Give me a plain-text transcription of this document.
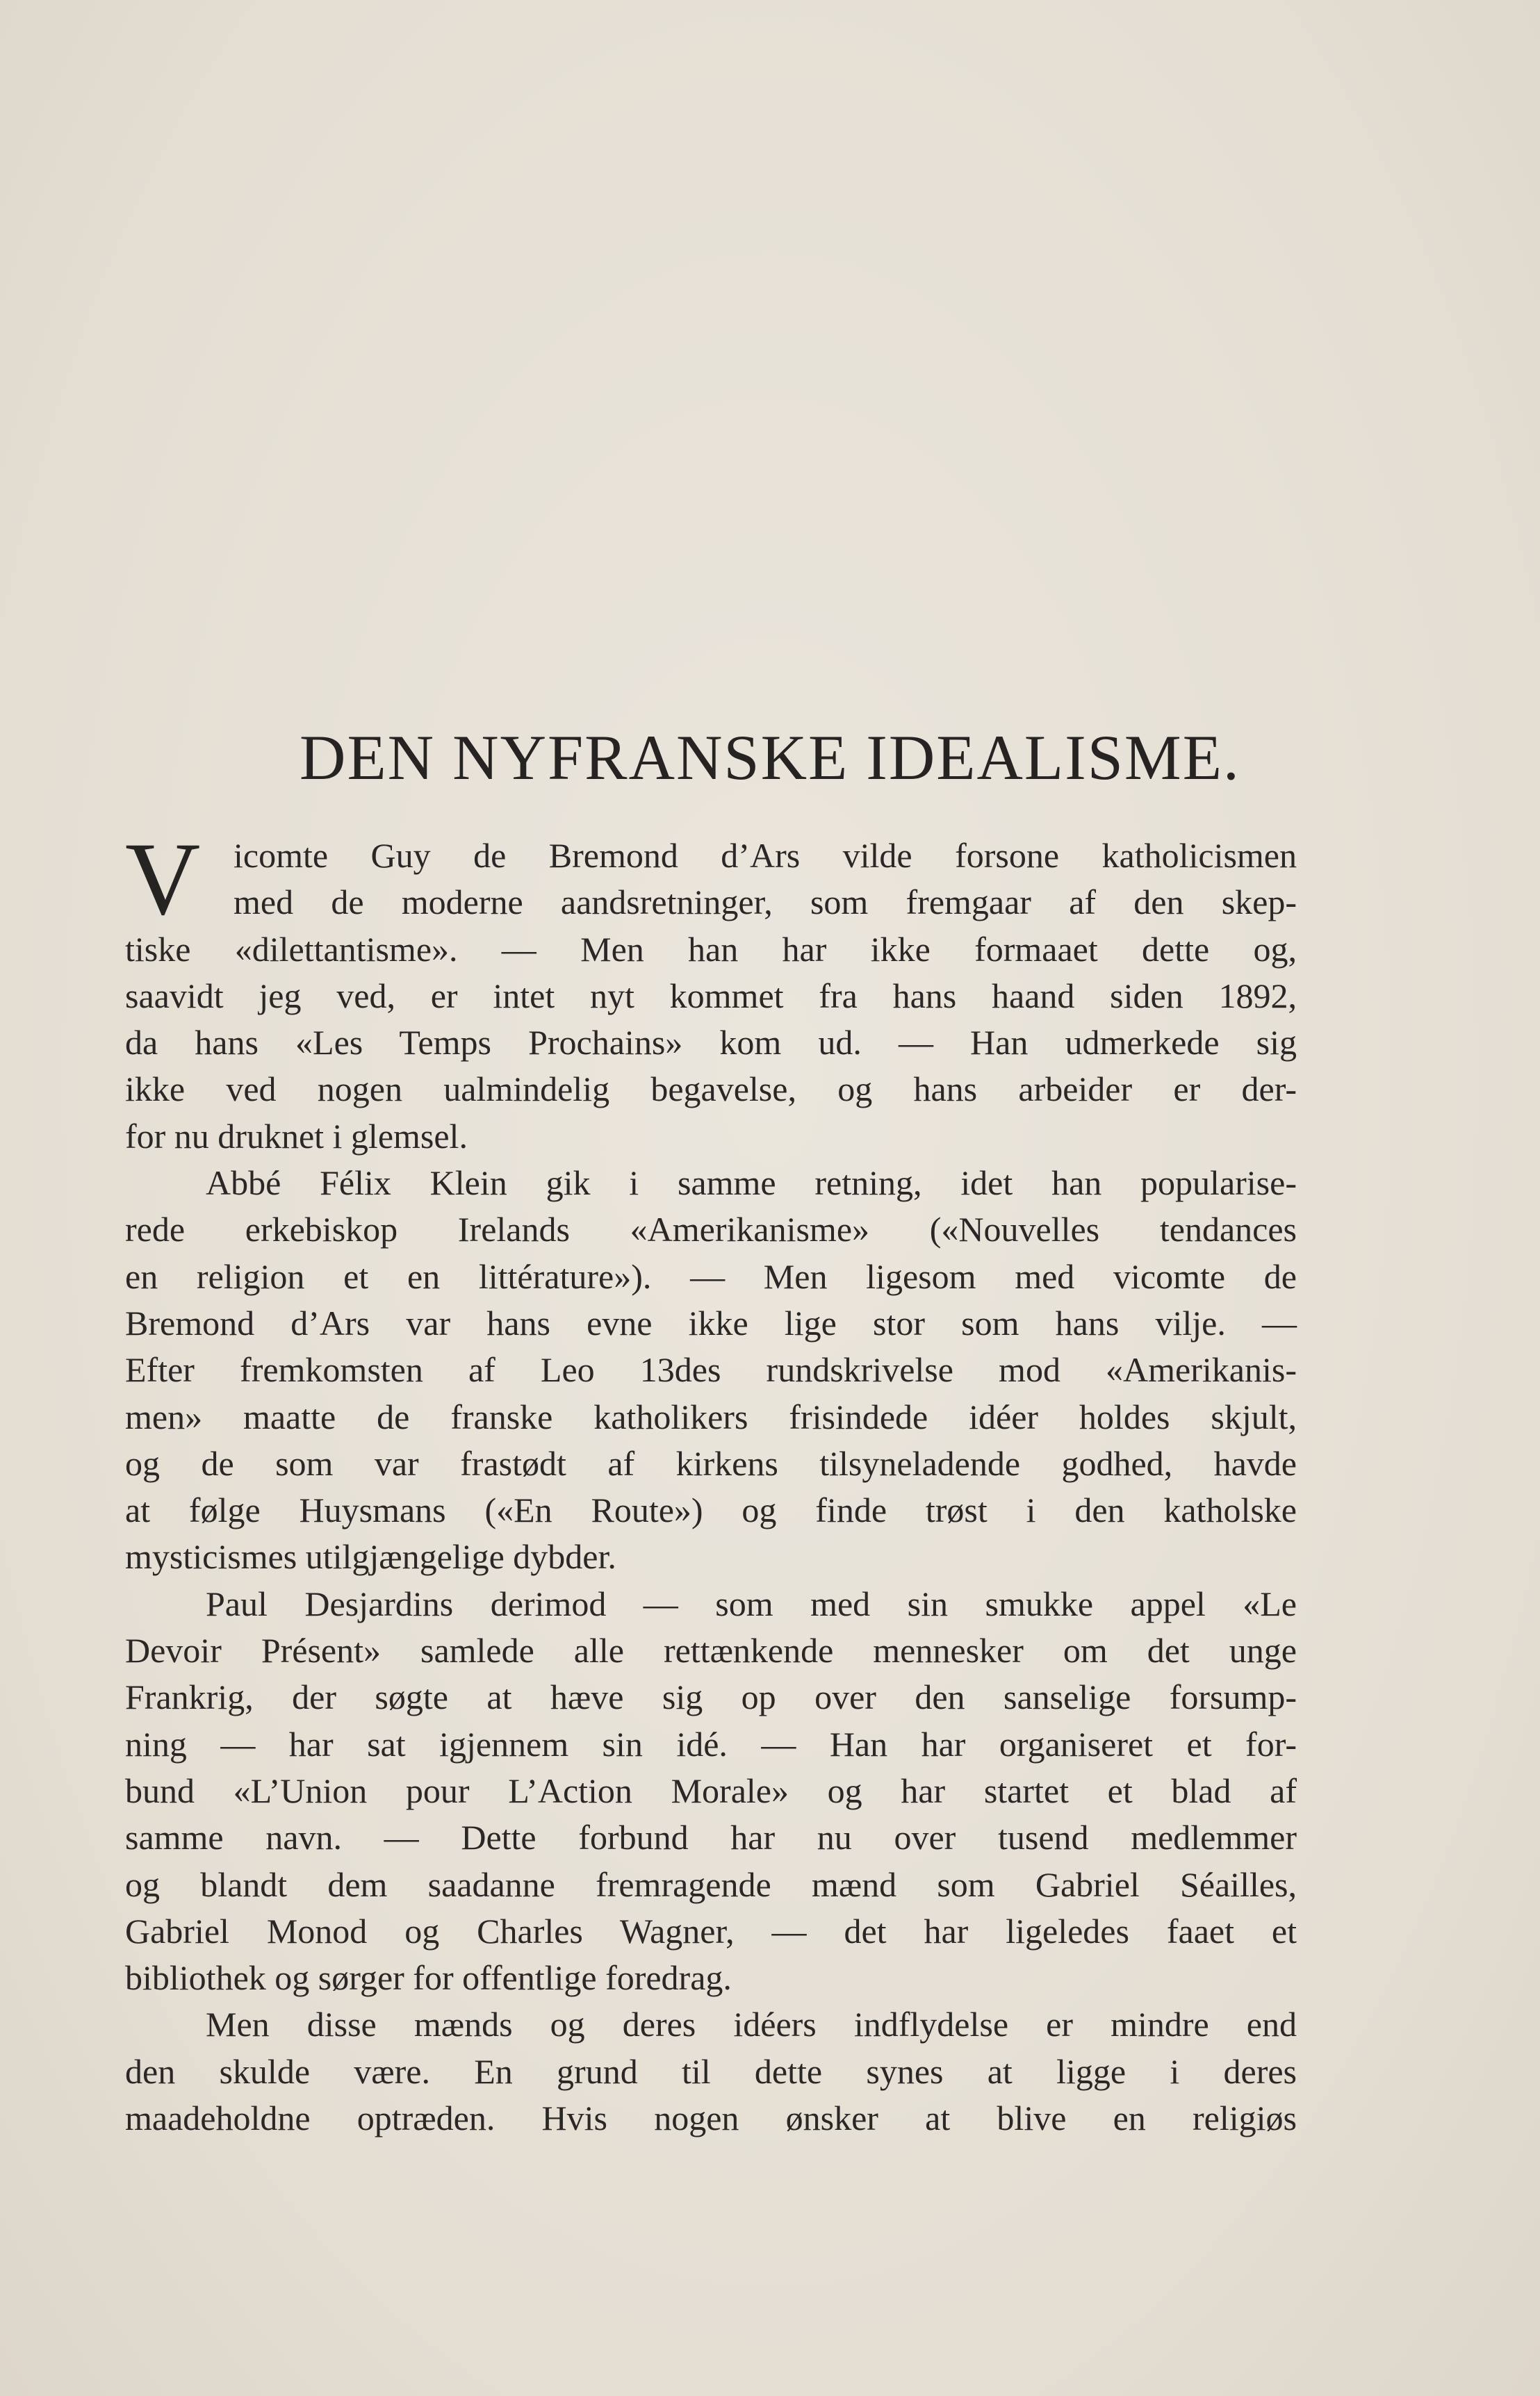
DEN NYFRANSKE IDEALISME.
V icomte Guy de Bremond d’Ars vilde forsone katholicismen
med de moderne aandsretninger, som fremgaar af den skep-
tiske «dilettantisme». — Men han har ikke formaaet dette og,
saavidt jeg ved, er intet nyt kommet fra hans haand siden 1892,
da hans «Les Temps Prochains» kom ud. — Han udmerkede sig
ikke ved nogen ualmindelig begavelse, og hans arbeider er der-
for nu druknet i glemsel.
Abbé Félix Klein gik i samme retning, idet han popularise-
rede erkebiskop Irelands «Amerikanisme» («Nouvelles tendances
en religion et en littérature»). — Men ligesom med vicomte de
Bremond d’Ars var hans evne ikke lige stor som hans vilje. —
Efter fremkomsten af Leo 13des rundskrivelse mod «Amerikanis-
men» maatte de franske katholikers frisindede idéer holdes skjult,
og de som var frastødt af kirkens tilsyneladende godhed, havde
at følge Huysmans («En Route») og finde trøst i den katholske
mysticismes utilgjængelige dybder.
Paul Desjardins derimod — som med sin smukke appel «Le
Devoir Présent» samlede alle rettænkende mennesker om det unge
Frankrig, der søgte at hæve sig op over den sanselige forsump-
ning — har sat igjennem sin idé. — Han har organiseret et for-
bund «L’Union pour L’Action Morale» og har startet et blad af
samme navn. — Dette forbund har nu over tusend medlemmer
og blandt dem saadanne fremragende mænd som Gabriel Séailles,
Gabriel Monod og Charles Wagner, — det har ligeledes faaet et
bibliothek og sørger for offentlige foredrag.
Men disse mænds og deres idéers indflydelse er mindre end
den skulde være. En grund til dette synes at ligge i deres
maadeholdne optræden. Hvis nogen ønsker at blive en religiøs
